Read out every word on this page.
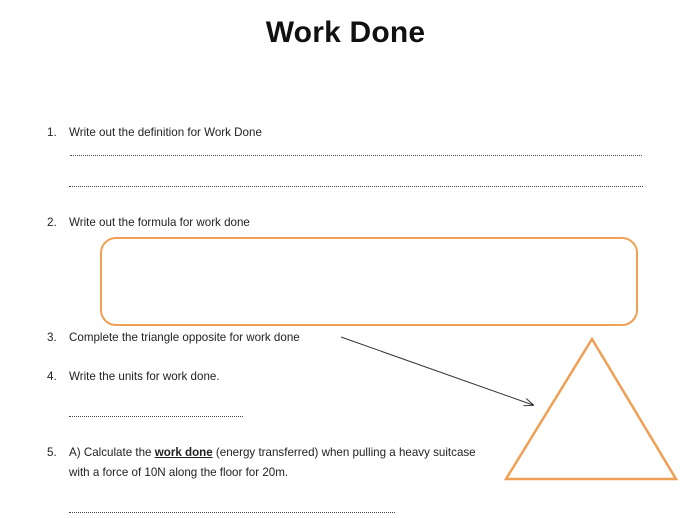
Work Done
1. Write out the definition for Work Done
2. Write out the formula for work done
3. Complete the triangle opposite for work done
4. Write the units for work done.
5. A) Calculate the work done (energy transferred) when pulling a heavy suitcase
with a force of 10N along the floor for 20m.
